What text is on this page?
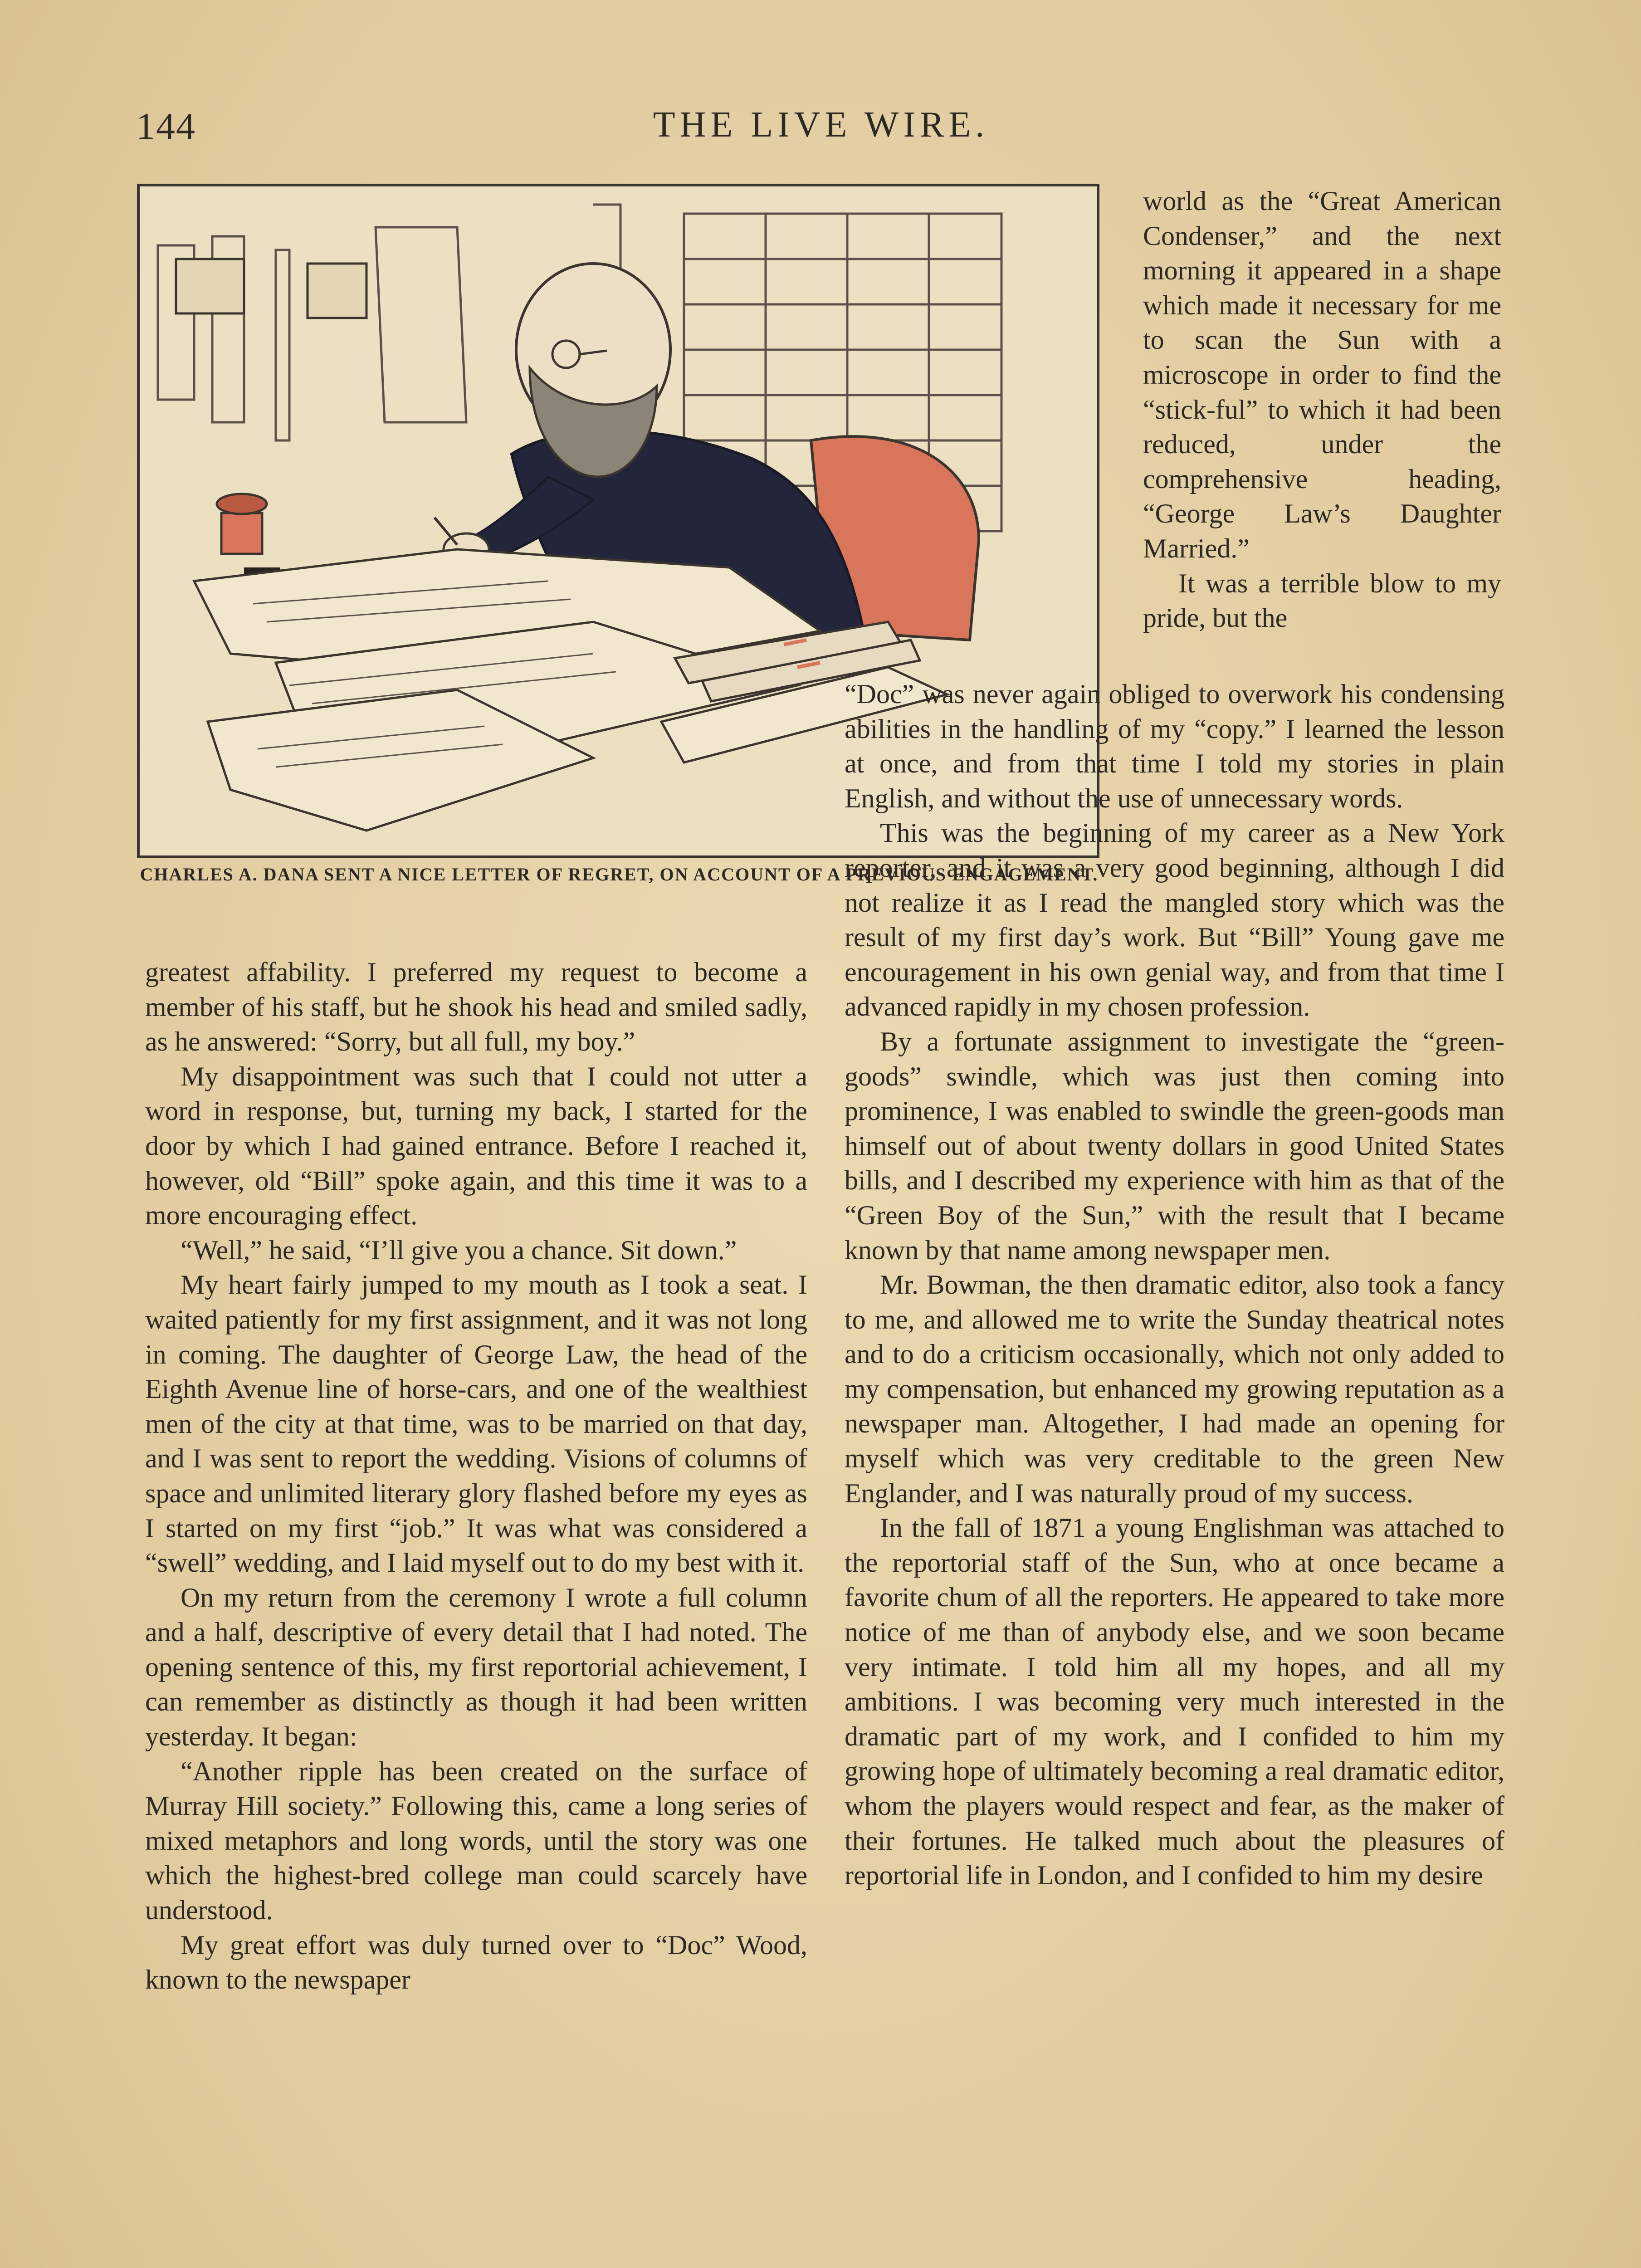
144	THE LIVE WIRE.
CHARLES A. DANA SENT A NICE LETTER OF REGRET, ON ACCOUNT OF A PREVIOUS ENGAGEMENT.

world as the “Great American Condenser,” and the next morning it appeared in a shape which made it necessary for me to scan the Sun with a microscope in order to find the “stick-ful” to which it had been reduced, under the comprehensive heading, “George Law’s Daughter Married.”

It was a terrible blow to my pride, but the

“Doc” was never again obliged to overwork his condensing abilities in the handling of my “copy.” I learned the lesson at once, and from that time I told my stories in plain English, and without the use of unnecessary words.

This was the beginning of my career as a New York reporter, and it was a very good beginning, although I did not realize it as I read the mangled story which was the result of my first day’s work. But “Bill” Young gave me encouragement in his own genial way, and from that time I advanced rapidly in my chosen profession.

By a fortunate assignment to investigate the “green-goods” swindle, which was just then coming into prominence, I was enabled to swindle the green-goods man himself out of about twenty dollars in good United States bills, and I described my experience with him as that of the “Green Boy of the Sun,” with the result that I became known by that name among newspaper men.

Mr. Bowman, the then dramatic editor, also took a fancy to me, and allowed me to write the Sunday theatrical notes and to do a criticism occasionally, which not only added to my compensation, but enhanced my growing reputation as a newspaper man. Altogether, I had made an opening for myself which was very creditable to the green New Englander, and I was naturally proud of my success.

In the fall of 1871 a young Englishman was attached to the reportorial staff of the Sun, who at once became a favorite chum of all the reporters. He appeared to take more notice of me than of anybody else, and we soon became very intimate. I told him all my hopes, and all my ambitions. I was becoming very much interested in the dramatic part of my work, and I confided to him my growing hope of ultimately becoming a real dramatic editor, whom the players would respect and fear, as the maker of their fortunes. He talked much about the pleasures of reportorial life in London, and I confided to him my desire

greatest affability. I preferred my request to become a member of his staff, but he shook his head and smiled sadly, as he answered: “Sorry, but all full, my boy.”

My disappointment was such that I could not utter a word in response, but, turning my back, I started for the door by which I had gained entrance. Before I reached it, however, old “Bill” spoke again, and this time it was to a more encouraging effect.

“Well,” he said, “I’ll give you a chance. Sit down.”

My heart fairly jumped to my mouth as I took a seat. I waited patiently for my first assignment, and it was not long in coming. The daughter of George Law, the head of the Eighth Avenue line of horse-cars, and one of the wealthiest men of the city at that time, was to be married on that day, and I was sent to report the wedding. Visions of columns of space and unlimited literary glory flashed before my eyes as I started on my first “job.” It was what was considered a “swell” wedding, and I laid myself out to do my best with it.

On my return from the ceremony I wrote a full column and a half, descriptive of every detail that I had noted. The opening sentence of this, my first reportorial achievement, I can remember as distinctly as though it had been written yesterday. It began:

“Another ripple has been created on the surface of Murray Hill society.” Following this, came a long series of mixed metaphors and long words, until the story was one which the highest-bred college man could scarcely have understood.

My great effort was duly turned over to “Doc” Wood, known to the newspaper
